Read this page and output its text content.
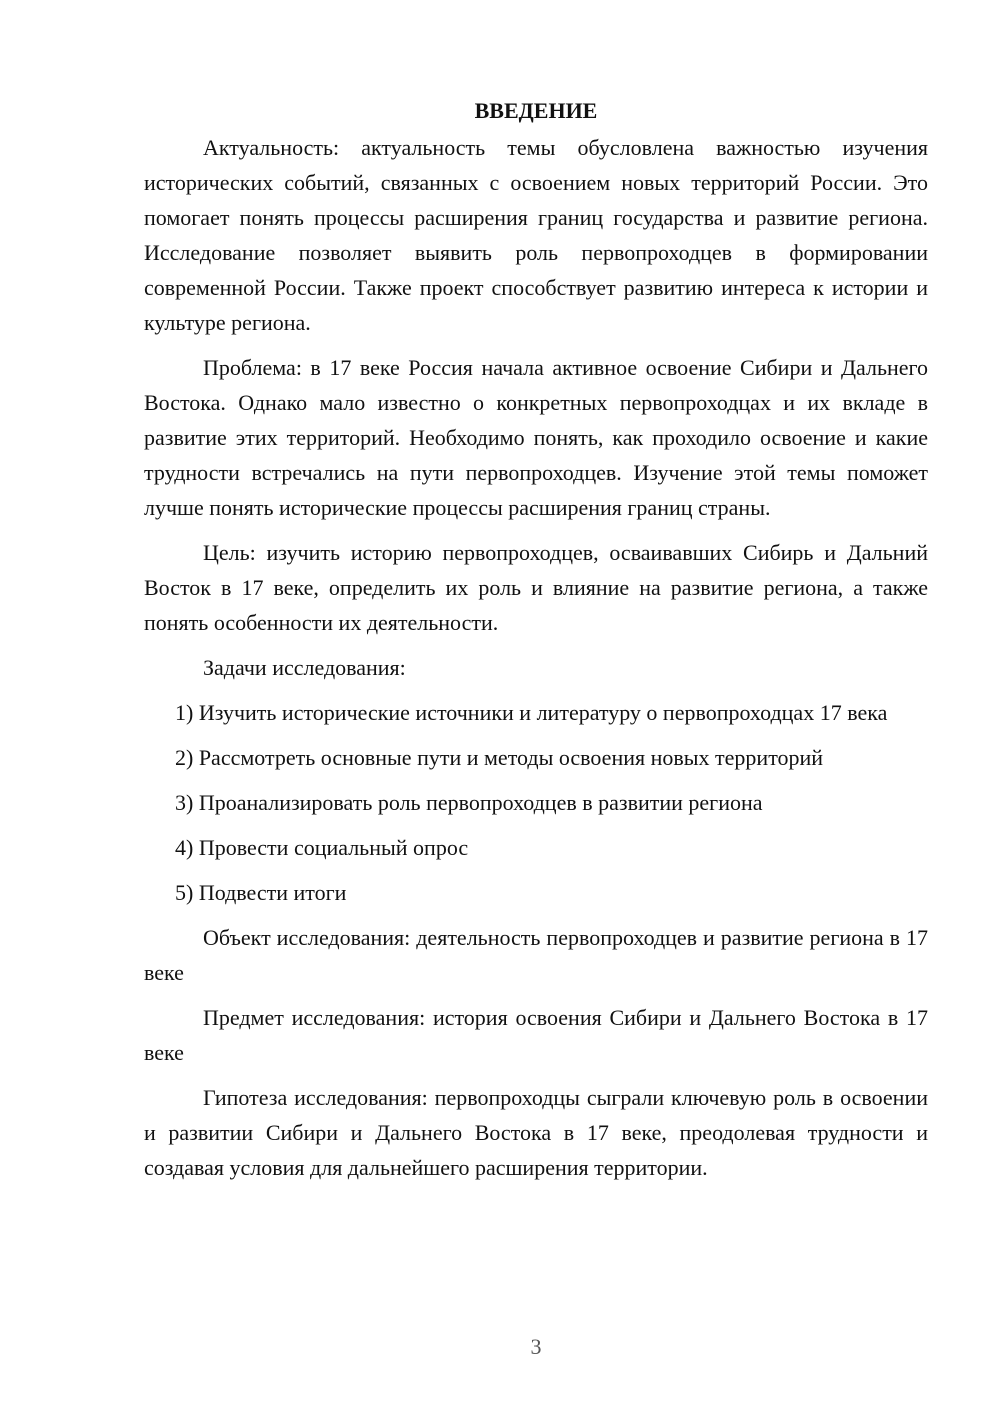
ВВЕДЕНИЕ

Актуальность: актуальность темы обусловлена важностью изучения исторических событий, связанных с освоением новых территорий России. Это помогает понять процессы расширения границ государства и развитие региона. Исследование позволяет выявить роль первопроходцев в формировании современной России. Также проект способствует развитию интереса к истории и культуре региона.

Проблема: в 17 веке Россия начала активное освоение Сибири и Дальнего Востока. Однако мало известно о конкретных первопроходцах и их вкладе в развитие этих территорий. Необходимо понять, как проходило освоение и какие трудности встречались на пути первопроходцев. Изучение этой темы поможет лучше понять исторические процессы расширения границ страны.

Цель: изучить историю первопроходцев, осваивавших Сибирь и Дальний Восток в 17 веке, определить их роль и влияние на развитие региона, а также понять особенности их деятельности.

Задачи исследования:

1) Изучить исторические источники и литературу о первопроходцах 17 века
2) Рассмотреть основные пути и методы освоения новых территорий
3) Проанализировать роль первопроходцев в развитии региона
4) Провести социальный опрос
5) Подвести итоги

Объект исследования: деятельность первопроходцев и развитие региона в 17 веке

Предмет исследования: история освоения Сибири и Дальнего Востока в 17 веке

Гипотеза исследования: первопроходцы сыграли ключевую роль в освоении и развитии Сибири и Дальнего Востока в 17 веке, преодолевая трудности и создавая условия для дальнейшего расширения территории.

3
